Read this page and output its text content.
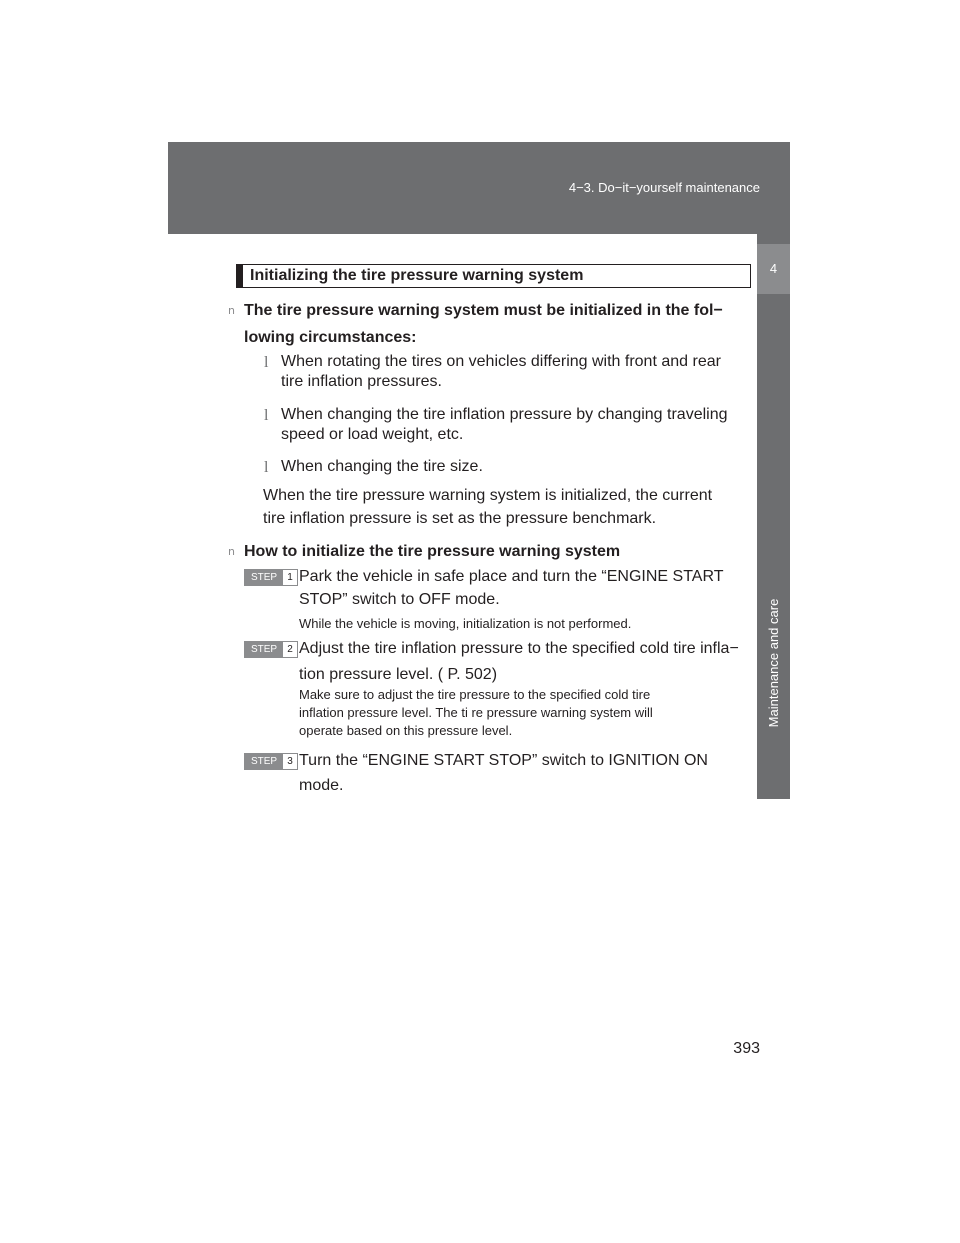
4−3. Do−it−yourself maintenance
4
Maintenance and care
Initializing the tire pressure warning system
n The tire pressure warning system must be initialized in the fol−
lowing circumstances:
l When rotating the tires on vehicles differing with front and rear
tire inflation pressures.
l When changing the tire inflation pressure by changing traveling
speed or load weight, etc.
l When changing the tire size.
When the tire pressure warning system is initialized, the current
tire inflation pressure is set as the pressure benchmark.
n How to initialize the tire pressure warning system
STEP	1 Park the vehicle in safe place and turn the “ENGINE START
STOP” switch to OFF mode.
While the vehicle is moving, initialization is not performed.
STEP	2 Adjust the tire inflation pressure to the specified cold tire infla−
tion pressure level. ( P. 502)
Make sure to adjust the tire pressure to the specified cold tire
inflation pressure level. The ti re pressure warning system will
operate based on this pressure level.
STEP	3 Turn the “ENGINE START STOP” switch to IGNITION ON
mode.
393
